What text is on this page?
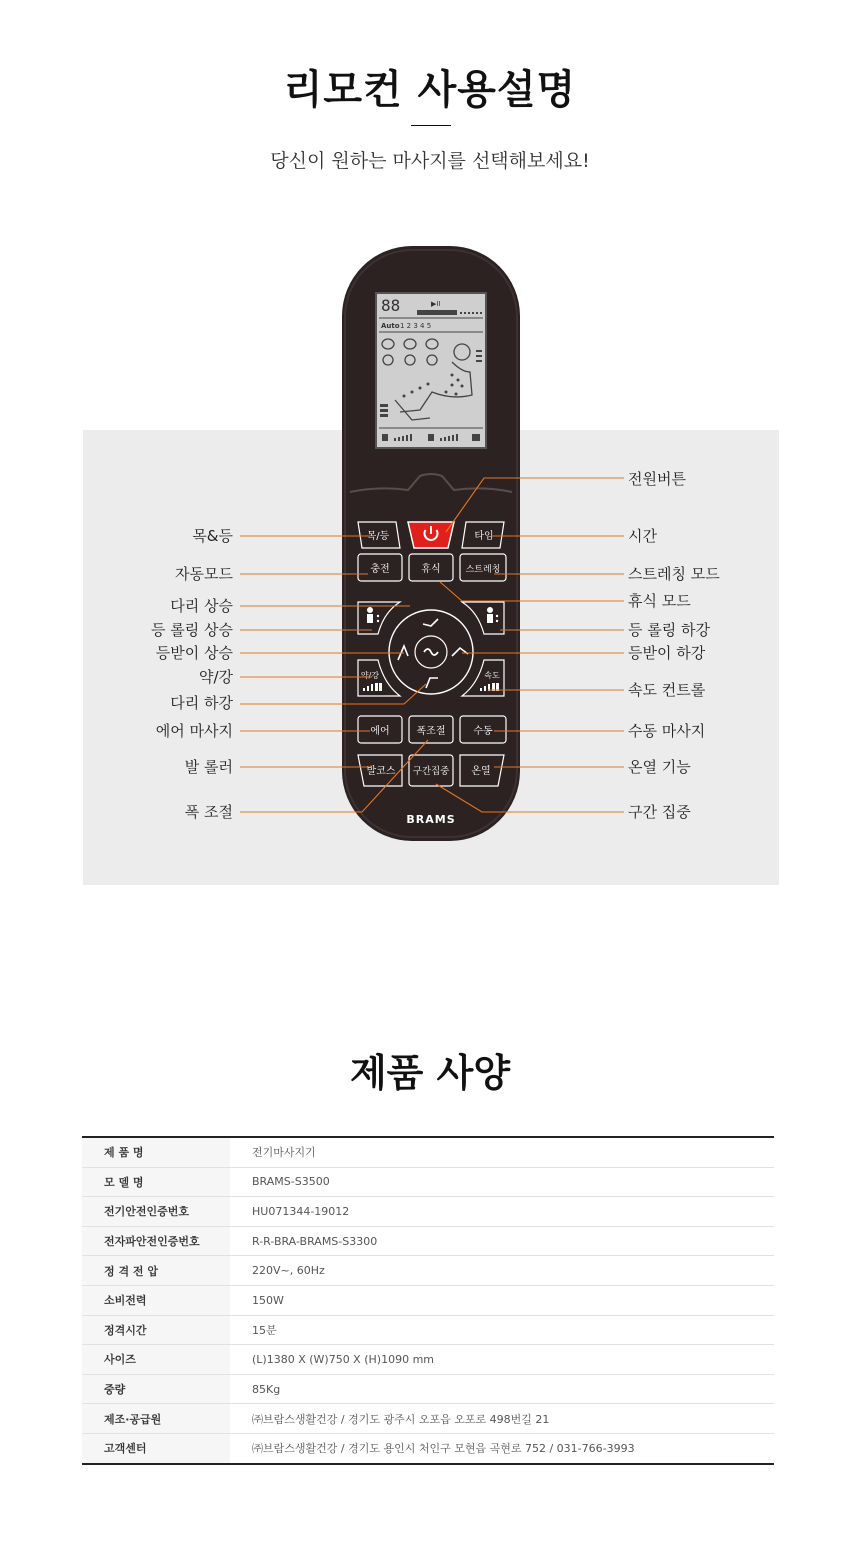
리모컨 사용설명
당신이 원하는 마사지를 선택해보세요!
88	▶II
Auto 1 2 3 4 5
목/등	타임
충전	휴식	스트레칭
약/강	속도
에어	폭조절	수동
발코스 구간집중 온열
BRAMS
목&등
자동모드
다리 상승
등 롤링 상승
등받이 상승
약/강
다리 하강
에어 마사지
발 롤러
폭 조절
전원버튼
시간
스트레칭 모드
휴식 모드
등 롤링 하강
등받이 하강
속도 컨트롤
수동 마사지
온열 기능
구간 집중
제품 사양
제 품 명	전기마사지기
모 델 명	BRAMS-S3500
전기안전인증번호	HU071344-19012
전자파안전인증번호	R-R-BRA-BRAMS-S3300
정 격 전 압	220V~, 60Hz
소비전력	150W
정격시간	15분
사이즈	(L)1380 X (W)750 X (H)1090 mm
중량	85Kg
제조·공급원	㈜브람스생활건강 / 경기도 광주시 오포읍 오포로 498번길 21
고객센터	㈜브람스생활건강 / 경기도 용인시 처인구 모현읍 곡현로 752 / 031-766-3993
